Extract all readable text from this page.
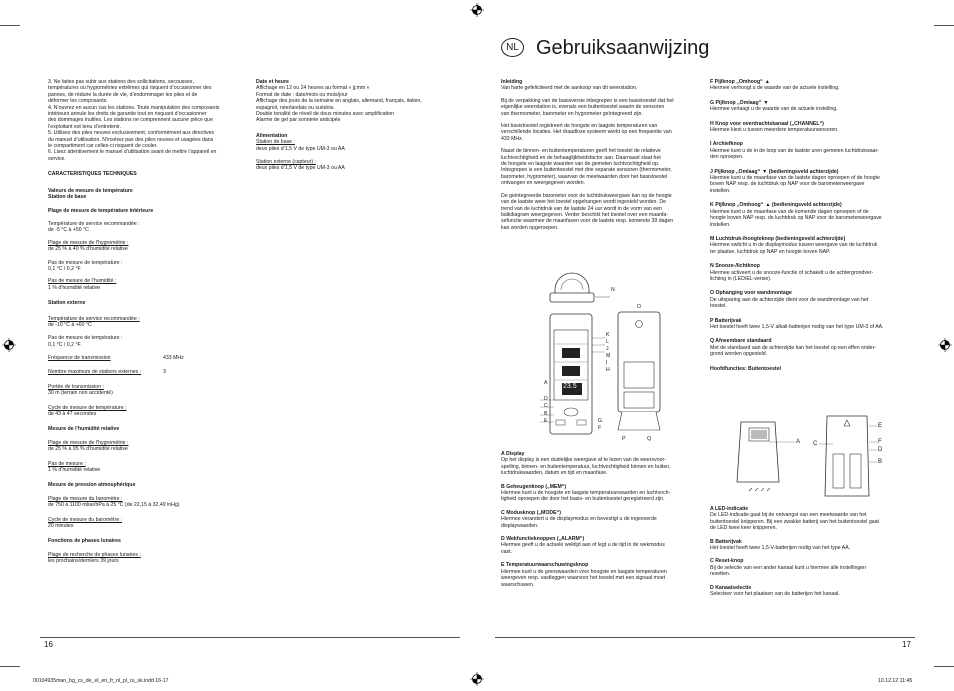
3. Ne faites pas subir aux stations des sollicitations, secousses,
températures ou hygrométries extrêmes qui risquent d’occasionner des
pannes, de réduire la durée de vie, d’endommager les piles et de
déformer les composants.
4. N’ouvrez en aucun cas les stations. Toute manipulation des composants
intérieurs annule les droits de garantie tout en risquant d’occasionner
des dommages inutiles. Les stations ne comprennent aucune pièce que
l’exploitant est tenu d’entretenir.
5. Utilisez des piles neuves exclusivement, conformément aux directives
du manuel d’utilisation. N’insérez pas des piles neuves et usagées dans
le compartiment car celles-ci risquent de couler.
6. Lisez attentivement le manuel d’utilisation avant de mettre l’appareil en
service.
CARACTERISTIQUES TECHNIQUES
Valeurs de mesure de température
Station de base
Plage de mesure de température intérieure
Température de service recommandée :
de -5 °C à +50 °C
Plage de mesure de l’hygrométrie :
de 25 % à 40 % d’humidité relative
Pas de mesure de température :
0,1 °C / 0,2 °F
Pas de mesure de l’humidité :
1 % d’humidité relative
Station externe
Température de service recommandée :
de -10 °C à +60 °C
Pas de mesure de température :
0,1 °C / 0,2 °F
Fréquence de transmission	433 MHz
Nombre maximum de stations externes :	3
Portée de transmission :
30 m (terrain non accidenté)
Cycle de mesure de température :
de 43 à 47 secondes
Mesure de l’humidité relative
Plage de mesure de l’hygrométrie :
de 25 % à 95 % d’humidité relative
Pas de mesure :
1 % d’humidité relative
Mesure de pression atmosphérique
Plage de mesure du baromètre :
de 750 à 1100 mbar/hPa à 25 °C (de 22,15 à 32,49 inHg)
Cycle de mesure du baromètre :
20 minutes
Fonctions de phases lunaires
Plage de recherche de phases lunaires :
les prochains/derniers 39 jours
Date et heure
Affichage en 12 ou 24 heures au format « jj:mm »
Format de date : date/mois ou mois/jour
Affichage des jours de la semaine en anglais, allemand, français, italien,
espagnol, néerlandais ou suédois.
Double tonalité de réveil de deux minutes avec amplification
Alarme de gel par sonnerie anticipée
Alimentation
Station de base :
deux piles d’1,5 V de type UM-3 ou AA
Station externe (capteur) :
deux piles d’1,5 V de type UM-3 ou AA
16
NL Gebruiksaanwijzing
Inleiding
Van harte gefeliciteerd met de aankoop van dit weerstation.
Bij de verpakking van de basisversie inbegrepen is een basistoestel dat het
eigenlijke weerstation is, evenals een buitentoestel waarin de sensoren
van thermometer, barometer en hygrometer geïntegreerd zijn.
Het basistoestel registreert de hoogste en laagste temperaturen van
verschillende locaties. Het draadloze systeem werkt op een frequentie van
433 MHz.
Naast de binnen- en buitentemperaturen geeft het toestel de relatieve
luchtvochtigheid en de behaaglijkheidsfactor aan. Daarnaast slaat het
de hoogste en laagste waarden van de gemeten luchtvochtigheid op.
Inbegrepen is een buitentoestel met drie separate sensoren (thermometer,
barometer, hygrometer), waarvan de meetwaarden door het basistoestel
ontvangen en weergegeven worden.
De geïntegreerde barometer voor de luchtdrukweergave kan op de hoogte
van de laatste weer het toestel opgehangen wordt ingesteld worden. De
trend van de luchtdruk van de laatste 24 uur wordt in de vorm van een
balkdiagram weergegeven. Verder beschikt het toestel over een maanfa-
sefunctie waarmee de maanfasen voor de laatste resp. komende 39 dagen
kan worden opgeroepen.
23.5
N
O
K
L
J
M
I
H
A
D
C
B
G
E
F
P	Q
A Display
Op het display is een duidelijke weergave af te lezen van de weersvoor-
spelling, binnen- en buitentemperatuur, luchtvochtigheid binnen en buiten,
luchtdrukwaarden, datum en tijd en maanfase.
B Geheugenknop („MEM“)
Hiermee kunt u de hoogste en laagste temperatuurwaarden en luchtvoch-
tigheid oproepen die door het basis- en buitentoestel geregistreerd zijn.
C Modusknop („MODE“)
Hiermee verandert u de displaymodus en bevestigt u de ingevoerde
displaywaarden.
D Wekfunctieknoppen („ALARM“)
Hiermee geeft u de actuele wektijd aan of legt u de tijd in de wekmodus
vast.
E Temperatuurwaarschuwingsknop
Hiermee kunt u de grenswaarden voor hoogste en laagste temperaturen
weergeven resp. vastleggen waarvoor het toestel met een signaal moet
waarschuwen.
F Pijlknop „Omhoog“ ▲
Hiermee verhoogt u de waarde van de actuele instelling.
G Pijlknop „Omlaag“ ▼
Hiermee verlaagt u de waarde van de actuele instelling.
H Knop voor overdrachtskanaal („CHANNEL“)
Hiermee kiest u tussen meerdere temperatuursensoren.
I Archiefknop
Hiermee kunt u de in de loop van de laatste uren gemeten luchtdrukwaar-
den oproepen.
J Pijlknop „Omlaag“ ▼ (bedieningsveld achterzijde)
Hiermee kunt u de maanfase van de laatste dagen oproepen of de hoogte
boven NAP resp. de luchtdruk op NAP voor de barometerweergave
instellen.
K Pijlknop „Omhoog“ ▲ (bedieningsveld achterzijde)
Hiermee kunt u de maanfase van de komende dagen oproepen of de
hoogte boven NAP resp. de luchtdruk op NAP voor de barometerweergave
instellen.
M Luchtdruk-/hoogteknop (bedieningsveld achterzijde)
Hiermee switcht u in de displaymodus tussen weergave van de luchtdruk
ter plaatse, luchtdruk op NAP en hoogte boven NAP.
N Snooze-/lichtknop
Hiermee activeert u de snooze-functie of schakelt u de achtergrondver-
lichting in (LED/EL-versie).
O Ophanging voor wandmontage
De uitsparing aan de achterzijde dient voor de wandmontage van het
toestel.
P Batterijvak
Het toestel heeft twee 1,5-V alkali-batterijen nodig van het type UM-3 of AA.
Q Afneembare standaard
Met de standaard aan de achterzijde kan het toestel op een effen onder-
grond worden opgesteld.
Hoofdfuncties: Buitentoestel
A C
E
F
D
B
A LED-indicatie
De LED-indicatie gaat bij de ontvangst van een meetwaarde van het
buitentoestel knipperen. Bij een zwakke batterij van het buitentoestel gaat
de LED twee keer knipperen.
B Batterijvak
Het toestel heeft twee 1,5-V-batterijen nodig van het type AA.
C Reset-knop
Bij de selectie van een ander kanaal kunt u hiermee alle instellingen
resetten.
D Kanaalselectie
Selecteer voor het plaatsen van de batterijen het kanaal.
17
00104935man_bg_cs_de_el_en_fr_nl_pl_ru_sk.indd 16-17	10.12.12 11:45
